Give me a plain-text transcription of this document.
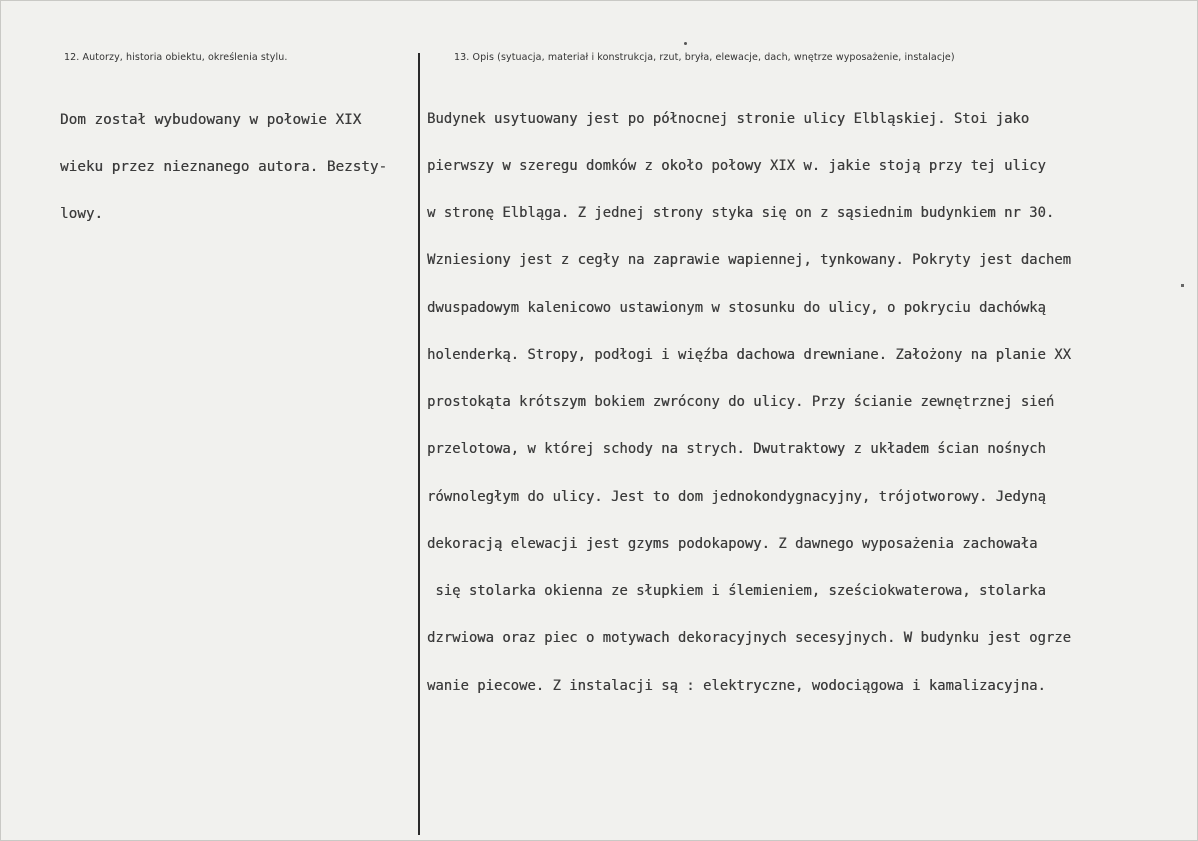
12. Autorzy, historia obiektu, określenia stylu.	13. Opis (sytuacja, materiał i konstrukcja, rzut, bryła, elewacje, dach, wnętrze wyposażenie, instalacje)

Dom został wybudowany w połowie XIX

wieku przez nieznanego autora. Bezsty-

lowy.

Budynek usytuowany jest po północnej stronie ulicy Elbląskiej. Stoi jako

pierwszy w szeregu domków z około połowy XIX w. jakie stoją przy tej ulicy

w stronę Elbląga. Z jednej strony styka się on z sąsiednim budynkiem nr 30.

Wzniesiony jest z cegły na zaprawie wapiennej, tynkowany. Pokryty jest dachem

dwuspadowym kalenicowo ustawionym w stosunku do ulicy, o pokryciu dachówką

holenderką. Stropy, podłogi i więźba dachowa drewniane. Założony na planie XX

prostokąta krótszym bokiem zwrócony do ulicy. Przy ścianie zewnętrznej sień

przelotowa, w której schody na strych. Dwutraktowy z układem ścian nośnych

równoległym do ulicy. Jest to dom jednokondygnacyjny, trójotworowy. Jedyną

dekoracją elewacji jest gzyms podokapowy. Z dawnego wyposażenia zachowała

się stolarka okienna ze słupkiem i ślemieniem, sześciokwaterowa, stolarka

dzrwiowa oraz piec o motywach dekoracyjnych secesyjnych. W budynku jest ogrze

wanie piecowe. Z instalacji są : elektryczne, wodociągowa i kamalizacyjna.
